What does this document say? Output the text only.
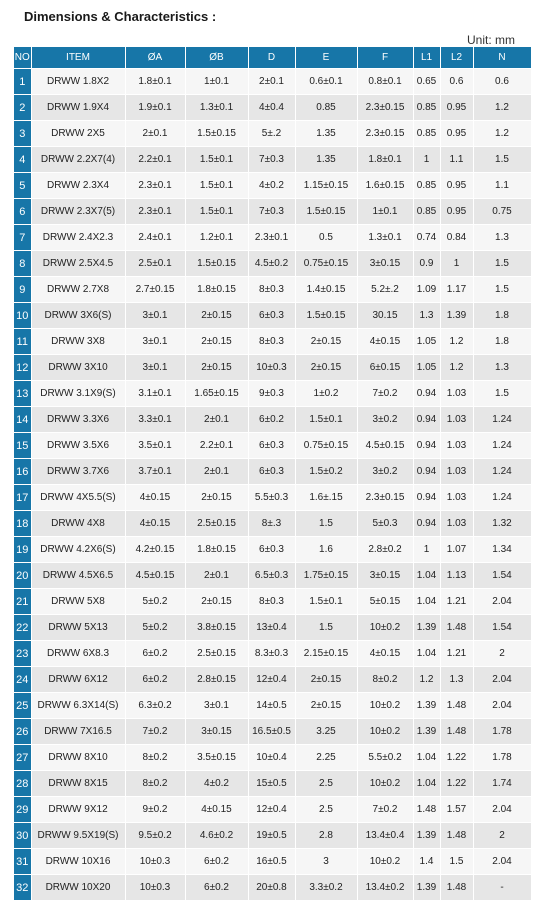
Dimensions & Characteristics :
Unit: mm
NO	ITEM	ØA	ØB	D	E	F	L1	L2	N
1	DRWW 1.8X2	1.8±0.1	1±0.1	2±0.1	0.6±0.1	0.8±0.1	0.65	0.6	0.6
2	DRWW 1.9X4	1.9±0.1	1.3±0.1	4±0.4	0.85	2.3±0.15	0.85	0.95	1.2
3	DRWW 2X5	2±0.1	1.5±0.15	5±.2	1.35	2.3±0.15	0.85	0.95	1.2
4	DRWW 2.2X7(4)	2.2±0.1	1.5±0.1	7±0.3	1.35	1.8±0.1	1	1.1	1.5
5	DRWW 2.3X4	2.3±0.1	1.5±0.1	4±0.2	1.15±0.15	1.6±0.15	0.85	0.95	1.1
6	DRWW 2.3X7(5)	2.3±0.1	1.5±0.1	7±0.3	1.5±0.15	1±0.1	0.85	0.95	0.75
7	DRWW 2.4X2.3	2.4±0.1	1.2±0.1	2.3±0.1	0.5	1.3±0.1	0.74	0.84	1.3
8	DRWW 2.5X4.5	2.5±0.1	1.5±0.15	4.5±0.2	0.75±0.15	3±0.15	0.9	1	1.5
9	DRWW 2.7X8	2.7±0.15	1.8±0.15	8±0.3	1.4±0.15	5.2±.2	1.09	1.17	1.5
10	DRWW 3X6(S)	3±0.1	2±0.15	6±0.3	1.5±0.15	30.15	1.3	1.39	1.8
11	DRWW 3X8	3±0.1	2±0.15	8±0.3	2±0.15	4±0.15	1.05	1.2	1.8
12	DRWW 3X10	3±0.1	2±0.15	10±0.3	2±0.15	6±0.15	1.05	1.2	1.3
13	DRWW 3.1X9(S)	3.1±0.1	1.65±0.15	9±0.3	1±0.2	7±0.2	0.94	1.03	1.5
14	DRWW 3.3X6	3.3±0.1	2±0.1	6±0.2	1.5±0.1	3±0.2	0.94	1.03	1.24
15	DRWW 3.5X6	3.5±0.1	2.2±0.1	6±0.3	0.75±0.15	4.5±0.15	0.94	1.03	1.24
16	DRWW 3.7X6	3.7±0.1	2±0.1	6±0.3	1.5±0.2	3±0.2	0.94	1.03	1.24
17	DRWW 4X5.5(S)	4±0.15	2±0.15	5.5±0.3	1.6±.15	2.3±0.15	0.94	1.03	1.24
18	DRWW 4X8	4±0.15	2.5±0.15	8±.3	1.5	5±0.3	0.94	1.03	1.32
19	DRWW 4.2X6(S)	4.2±0.15	1.8±0.15	6±0.3	1.6	2.8±0.2	1	1.07	1.34
20	DRWW 4.5X6.5	4.5±0.15	2±0.1	6.5±0.3	1.75±0.15	3±0.15	1.04	1.13	1.54
21	DRWW 5X8	5±0.2	2±0.15	8±0.3	1.5±0.1	5±0.15	1.04	1.21	2.04
22	DRWW 5X13	5±0.2	3.8±0.15	13±0.4	1.5	10±0.2	1.39	1.48	1.54
23	DRWW 6X8.3	6±0.2	2.5±0.15	8.3±0.3	2.15±0.15	4±0.15	1.04	1.21	2
24	DRWW 6X12	6±0.2	2.8±0.15	12±0.4	2±0.15	8±0.2	1.2	1.3	2.04
25	DRWW 6.3X14(S)	6.3±0.2	3±0.1	14±0.5	2±0.15	10±0.2	1.39	1.48	2.04
26	DRWW 7X16.5	7±0.2	3±0.15	16.5±0.5	3.25	10±0.2	1.39	1.48	1.78
27	DRWW 8X10	8±0.2	3.5±0.15	10±0.4	2.25	5.5±0.2	1.04	1.22	1.78
28	DRWW 8X15	8±0.2	4±0.2	15±0.5	2.5	10±0.2	1.04	1.22	1.74
29	DRWW 9X12	9±0.2	4±0.15	12±0.4	2.5	7±0.2	1.48	1.57	2.04
30	DRWW 9.5X19(S)	9.5±0.2	4.6±0.2	19±0.5	2.8	13.4±0.4	1.39	1.48	2
31	DRWW 10X16	10±0.3	6±0.2	16±0.5	3	10±0.2	1.4	1.5	2.04
32	DRWW 10X20	10±0.3	6±0.2	20±0.8	3.3±0.2	13.4±0.2	1.39	1.48	-
